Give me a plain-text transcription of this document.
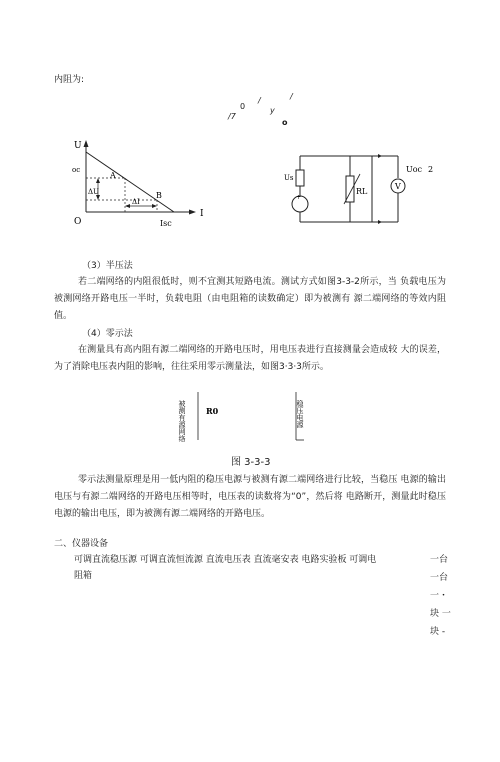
内阻为:
/	/
y
o
/7
0
U
I
O
oc
A
B
ΔU
ΔI
Isc
+
V
Us
RL
Uoc 2
（3）半压法
若二端网络的内阻很低时，则不宜测其短路电流。测试方式如图3-3-2所示，当 负载电压为被测网络开路电压一半时，负载电阻（由电阻箱的读数确定）即为被测有 源二端网络的等效内阻值。
（4）零示法
在测量具有高内阻有源二端网络的开路电压时，用电压表进行直接测量会造成较 大的误差，为了消除电压表内阻的影响，往往采用零示测量法，如图3·3·3所示。
被测有源网络	R0	稳压电源
图 3-3-3
零示法测量原理是用一低内阻的稳压电源与被测有源二端网络进行比较，当稳压 电源的输出电压与有源二端网络的开路电压相等时，电压表的读数将为“0”，然后将 电路断开，测量此时稳压电源的输出电压，即为被测有源二端网络的开路电压。
二、仪器设备
可调直流稳压源 可调直流恒流源 直流电压表 直流毫安表 电路实验板 可调电
阻箱
一台
一台
一・
块 一
块 -
